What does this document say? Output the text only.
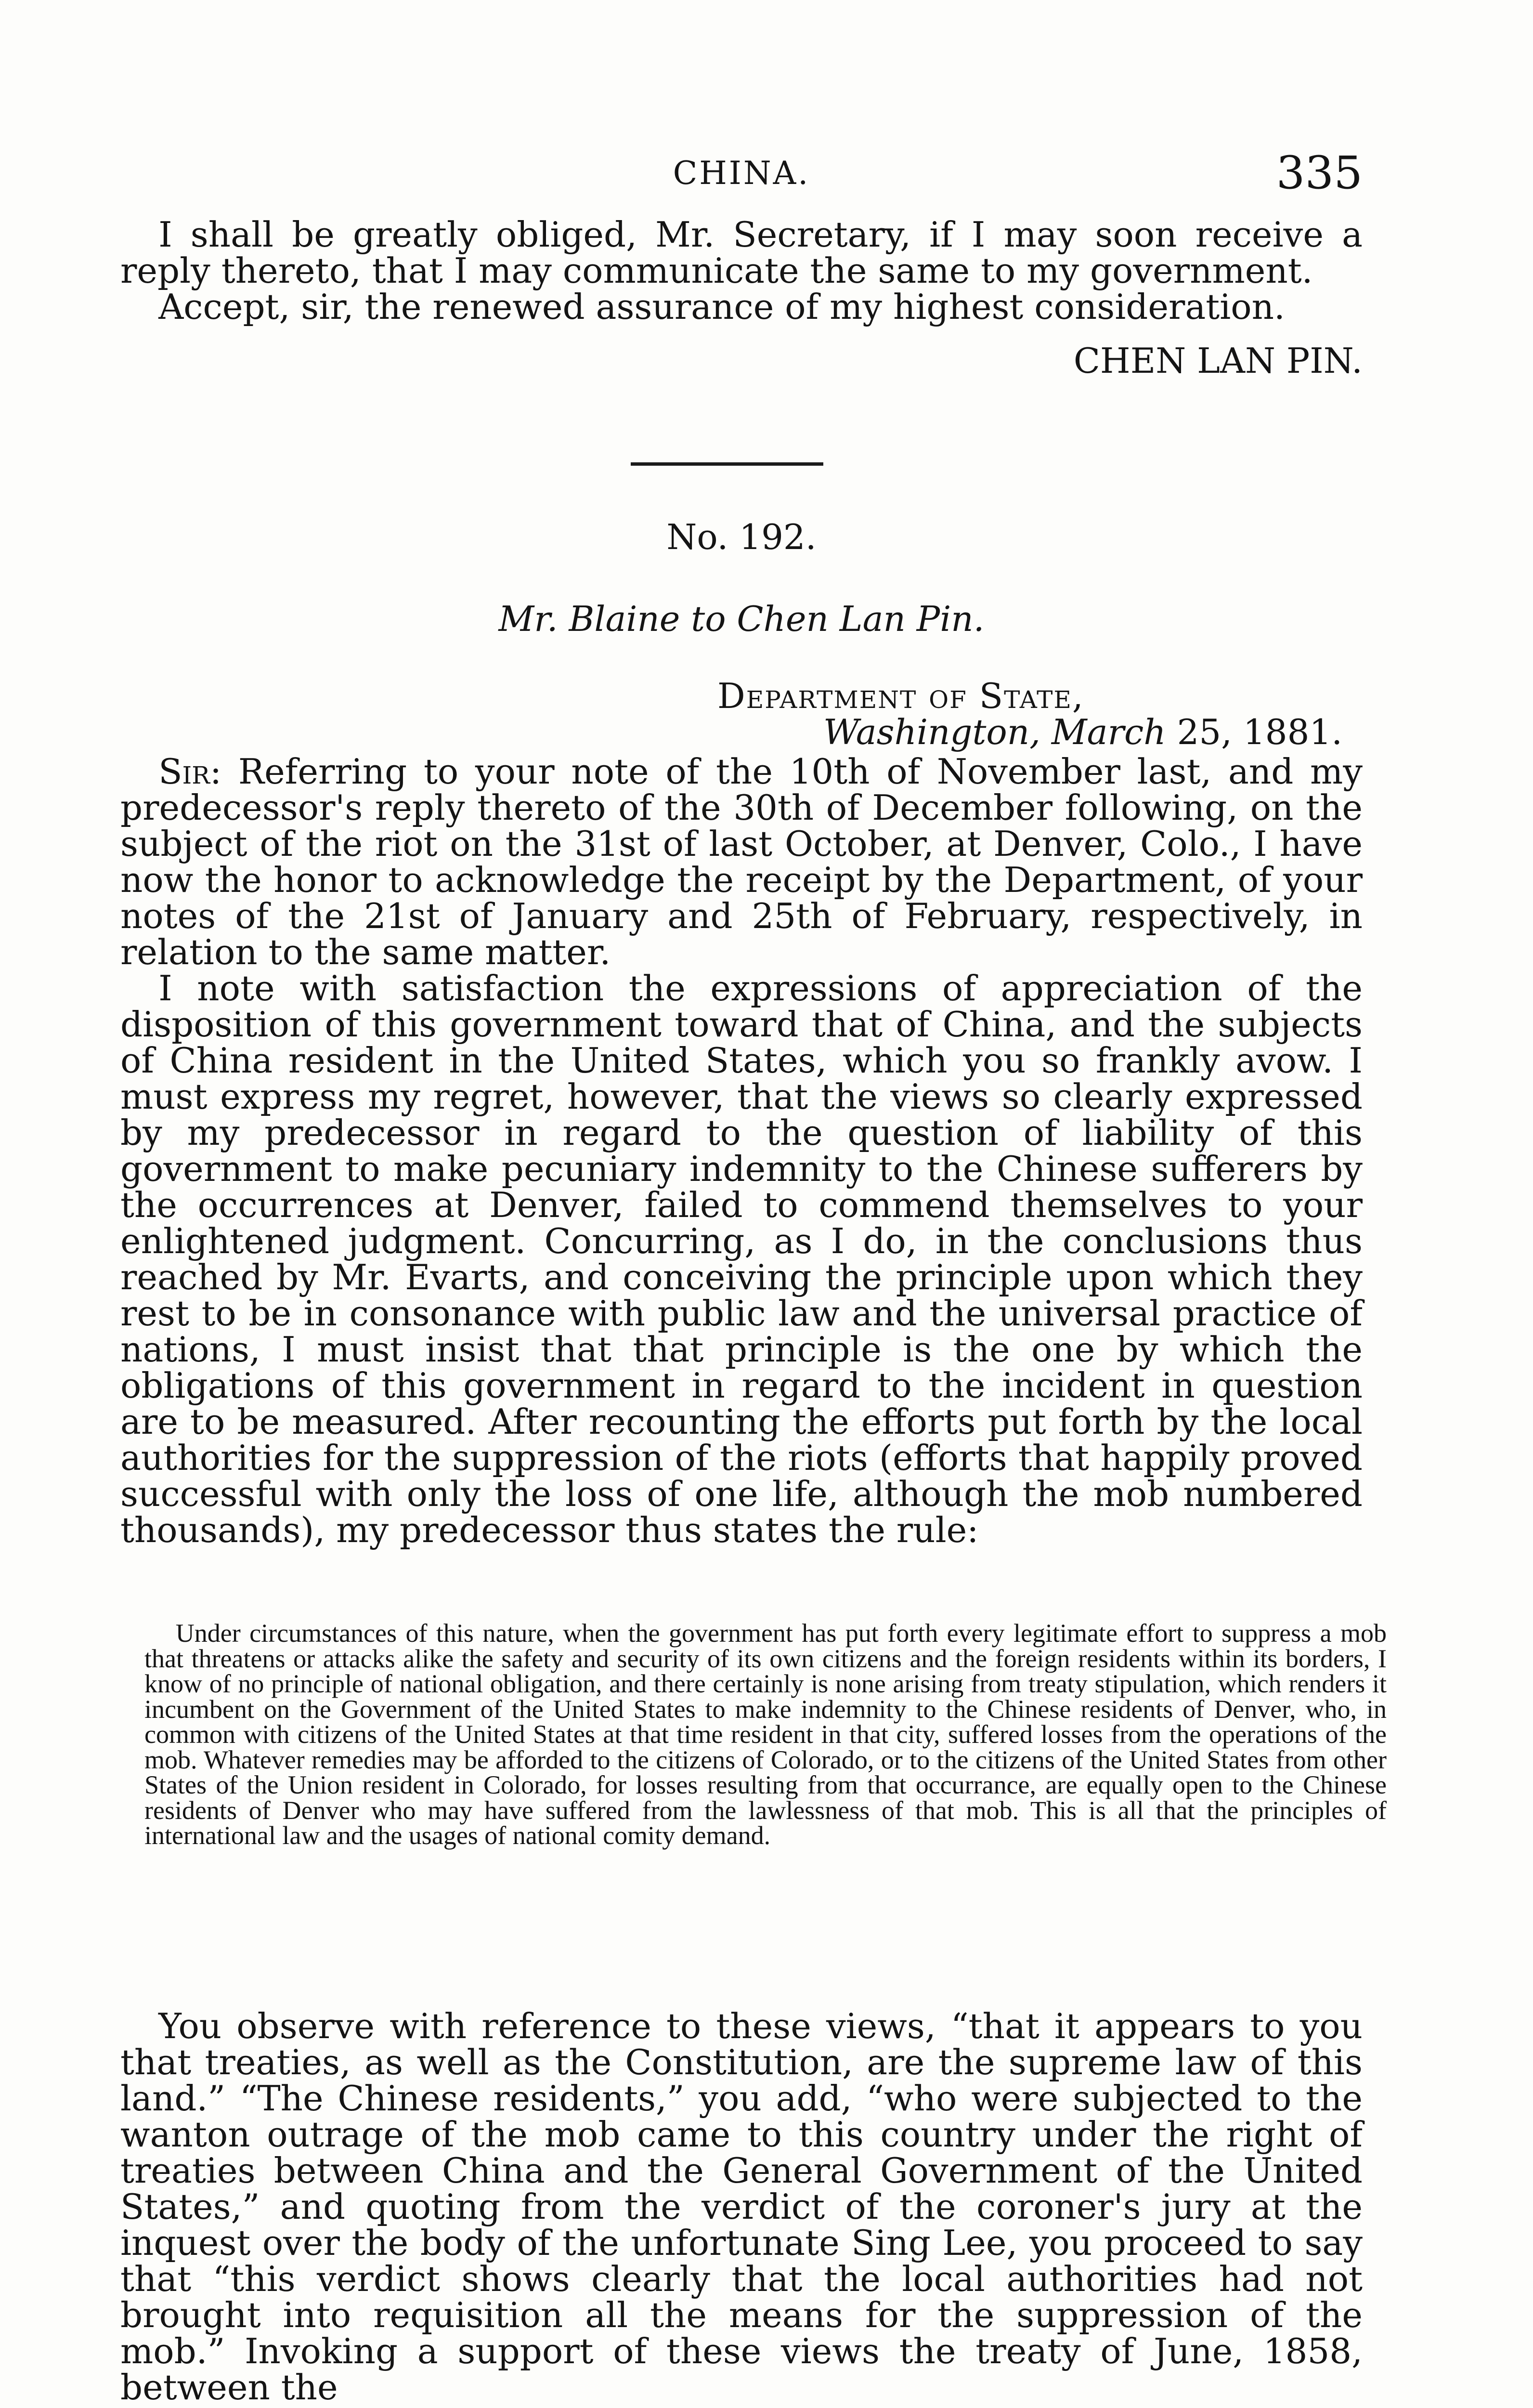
CHINA.	335

I shall be greatly obliged, Mr. Secretary, if I may soon receive a reply thereto, that I may communicate the same to my government.

Accept, sir, the renewed assurance of my highest consideration.

CHEN LAN PIN.
No. 192.
Mr. Blaine to Chen Lan Pin.
Department of State,
Washington, March 25, 1881.

Sir: Referring to your note of the 10th of November last, and my predecessor's reply thereto of the 30th of December following, on the subject of the riot on the 31st of last October, at Denver, Colo., I have now the honor to acknowledge the receipt by the Department, of your notes of the 21st of January and 25th of February, respectively, in relation to the same matter.

I note with satisfaction the expressions of appreciation of the disposition of this government toward that of China, and the subjects of China resident in the United States, which you so frankly avow. I must express my regret, however, that the views so clearly expressed by my predecessor in regard to the question of liability of this government to make pecuniary indemnity to the Chinese sufferers by the occurrences at Denver, failed to commend themselves to your enlightened judgment. Concurring, as I do, in the conclusions thus reached by Mr. Evarts, and conceiving the principle upon which they rest to be in consonance with public law and the universal practice of nations, I must insist that that principle is the one by which the obligations of this government in regard to the incident in question are to be measured. After recounting the efforts put forth by the local authorities for the suppression of the riots (efforts that happily proved successful with only the loss of one life, although the mob numbered thousands), my predecessor thus states the rule:

Under circumstances of this nature, when the government has put forth every legitimate effort to suppress a mob that threatens or attacks alike the safety and security of its own citizens and the foreign residents within its borders, I know of no principle of national obligation, and there certainly is none arising from treaty stipulation, which renders it incumbent on the Government of the United States to make indemnity to the Chinese residents of Denver, who, in common with citizens of the United States at that time resident in that city, suffered losses from the operations of the mob. Whatever remedies may be afforded to the citizens of Colorado, or to the citizens of the United States from other States of the Union resident in Colorado, for losses resulting from that occurrance, are equally open to the Chinese residents of Denver who may have suffered from the lawlessness of that mob. This is all that the principles of international law and the usages of national comity demand.

You observe with reference to these views, “that it appears to you that treaties, as well as the Constitution, are the supreme law of this land.” “The Chinese residents,” you add, “who were subjected to the wanton outrage of the mob came to this country under the right of treaties between China and the General Government of the United States,” and quoting from the verdict of the coroner's jury at the inquest over the body of the unfortunate Sing Lee, you proceed to say that “this verdict shows clearly that the local authorities had not brought into requisition all the means for the suppression of the mob.” Invoking a support of these views the treaty of June, 1858, between the
